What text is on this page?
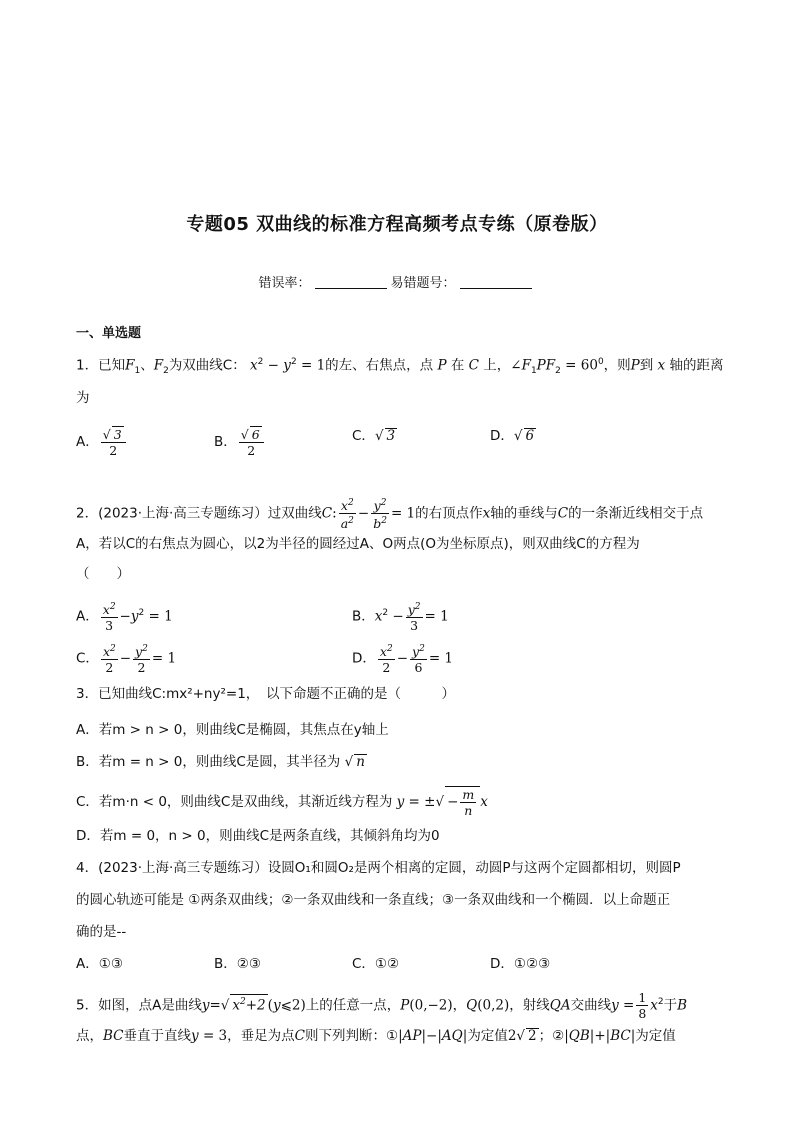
专题05 双曲线的标准方程高频考点专练（原卷版）
错误率：	易错题号：
一、单选题
1．已知$F_1$、$F_2$为双曲线C： $x^2 - y^2 = 1$的左、右焦点，点 P 在 C 上，$\angle F_1PF_2 = 60^0$，则P到 x 轴的距离
为
A． $\frac{√ 3}{2}$	B． $\frac{√ 6}{2}$	C．√ 3	D．√ 6
2．(2023·上海·高三专题练习）过双曲线C: $\frac{x^2}{a^2} - \frac{y^2}{b^2} = 1$的右顶点作x轴的垂线与C的一条渐近线相交于点
A，若以C的右焦点为圆心，以2为半径的圆经过A、O两点(O为坐标原点)，则双曲线C的方程为
（　　）
A． $\frac{x^2}{3} -y^2 = 1$	B．$x^2 - \frac{y^2}{3} = 1$
C． $\frac{x^2}{2} - \frac{y^2}{2} = 1$	D． $\frac{x^2}{2} - \frac{y^2}{6} = 1$
3．已知曲线C:mx²+ny²=1，　以下命题不正确的是（　　　）
A．若m > n > 0，则曲线C是椭圆，其焦点在y轴上
B．若m = n > 0，则曲线C是圆，其半径为 √ n
C．若m·n < 0，则曲线C是双曲线，其渐近线方程为 y = ±√ − $\frac{m}{n}$ x
D．若m = 0，n > 0，则曲线C是两条直线，其倾斜角均为0
4．(2023·上海·高三专题练习）设圆O₁和圆O₂是两个相离的定圆，动圆P与这两个定圆都相切，则圆P
的圆心轨迹可能是 ①两条双曲线；②一条双曲线和一条直线；③一条双曲线和一个椭圆．以上命题正
确的是--
A．①③	B．②③	C．①②	D．①②③
5．如图，点A是曲线y=√ $x^2+2$ (y⩽2)上的任意一点，P(0,−2)，Q(0,2)，射线QA交曲线$y = \frac{1}{8} x^2$于B
点，BC垂直于直线y = 3，垂足为点C则下列判断：①|AP|−|AQ|为定值2√ 2 ；②|QB|+|BC|为定值
